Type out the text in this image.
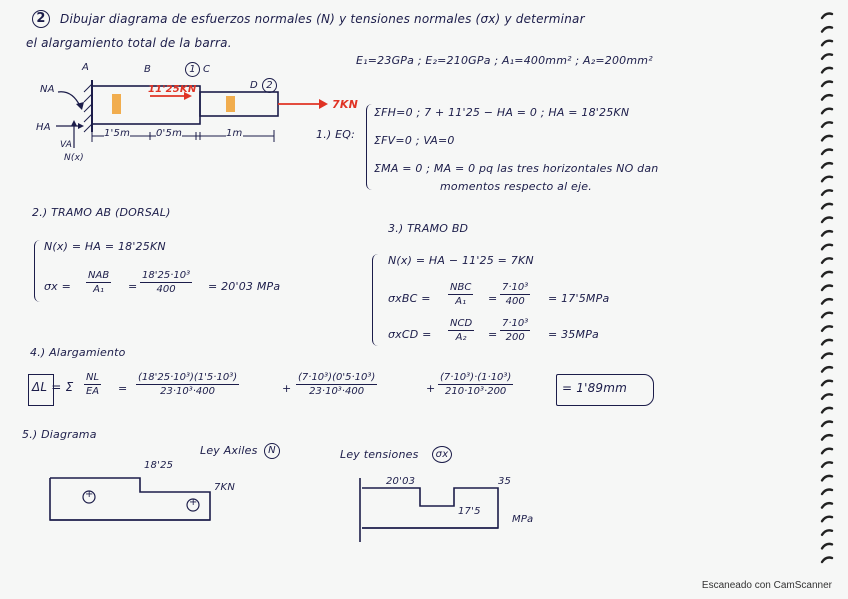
2	Dibujar diagrama de esfuerzos normales (N) y tensiones normales (σx) y determinar
el alargamiento total de la barra.
E₁=23GPa ; E₂=210GPa ; A₁=400mm² ; A₂=200mm²
A	B	1 C
D 2
11'25KN
7KN
NA
HA
VA
N(x)
1'5m	0'5m	1m	1.) EQ:
ΣFH=0 ; 7 + 11'25 − HA = 0 ; HA = 18'25KN
ΣFV=0 ; VA=0
ΣMA = 0 ; MA = 0 pq las tres horizontales NO dan
momentos respecto al eje.
2.) TRAMO AB (DORSAL)
N(x) = HA = 18'25KN
σx =
NAB
A₁	= $\frac{\text{18'25·10³}}{400} = 20'03$ MPa
3.) TRAMO BD
N(x) = HA − 11'25 = 7KN
σxBC =
NBC
A₁	= $\frac{\text{7·10³}}{400} = 17'5MPa$
σxCD =
NCD
A₂	= $\frac{\text{7·10³}}{200} = 35MPa$
4.) Alargamiento
ΔL = Σ $\frac{NL}{EA} = \frac{\text{(18'25·10³)(1'5·10³)}}{\text{23·10³·400}}$	+ $\frac{\text{(7·10³)(0'5·10³)}}{\text{23·10³·400}}$	+ $\frac{\text{(7·10³)·(1·10³)}}{\text{210·10³·200}}$	= 1'89mm
5.) Diagrama
Ley Axiles	N	Ley tensiones	σx
18'25
7KN
+
+
20'03	35
17'5
MPa
Escaneado con CamScanner
